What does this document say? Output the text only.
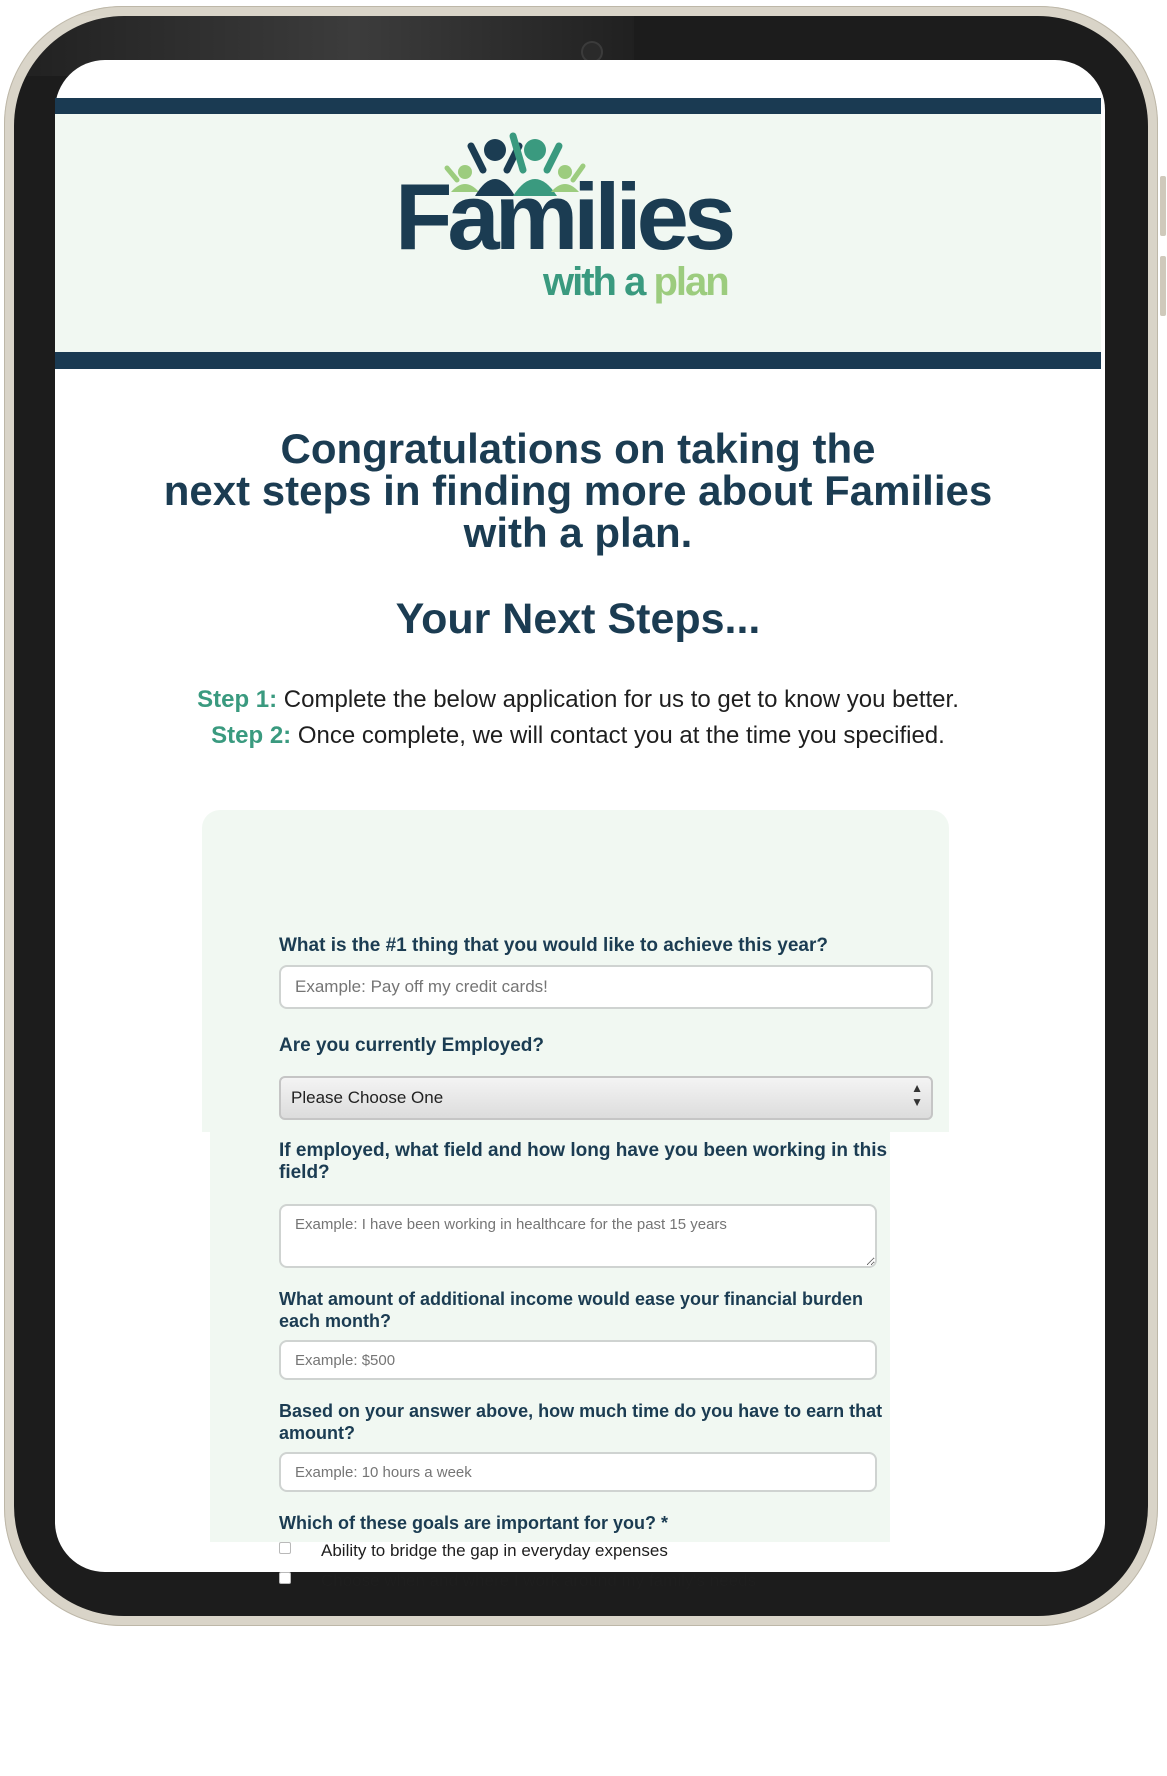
Families
with a plan
Congratulations on taking the
next steps in finding more about Families
with a plan.
Your Next Steps...
Step 1: Complete the below application for us to get to know you better.
Step 2: Once complete, we will contact you at the time you specified.
What is the #1 thing that you would like to achieve this year?
Example: Pay off my credit cards!
Are you currently Employed?
Please Choose One	▲
▼
If employed, what field and how long have you been working in this
field?
Example: I have been working in healthcare for the past 15 years
What amount of additional income would ease your financial burden
each month?
Example: $500
Based on your answer above, how much time do you have to earn that
amount?
Example: 10 hours a week
Which of these goals are important for you? *
Ability to bridge the gap in everyday expenses
Choose when and where I work around my family's needs
